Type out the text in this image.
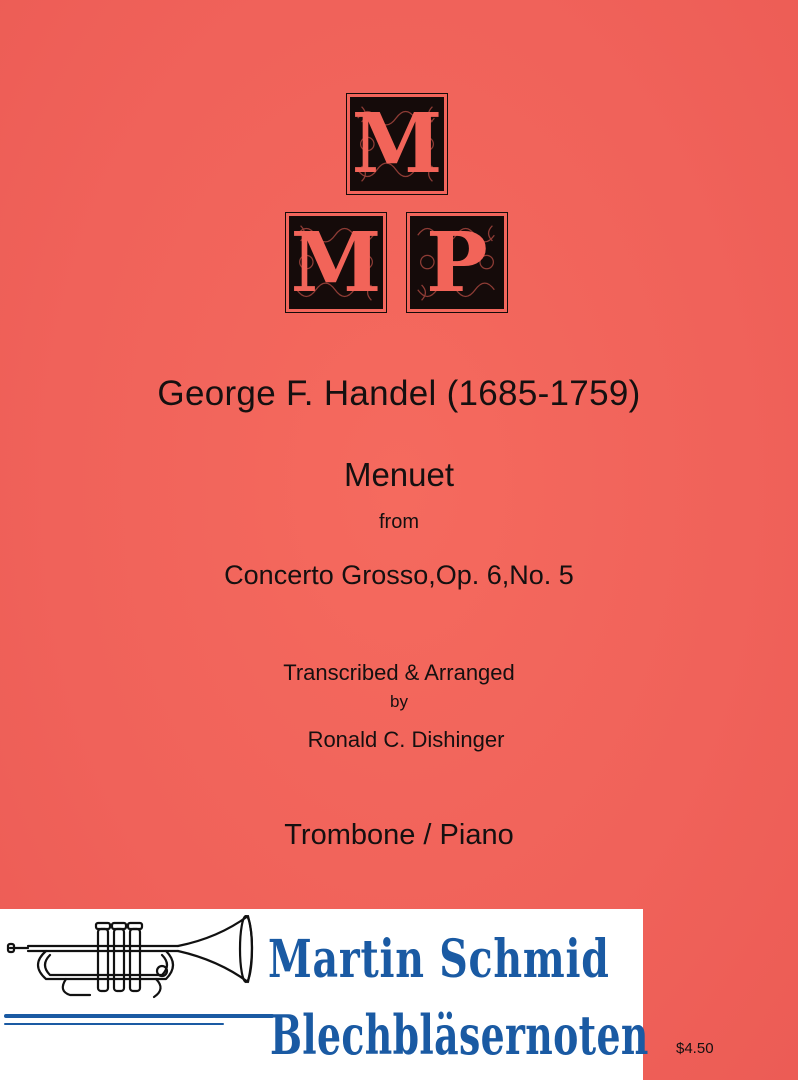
M
M P
George F. Handel (1685-1759)
Menuet
from
Concerto Grosso,Op. 6,No. 5
Transcribed & Arranged
by
Ronald C. Dishinger
Trombone / Piano
Martin Schmid
Blechbläsernoten $4.50
